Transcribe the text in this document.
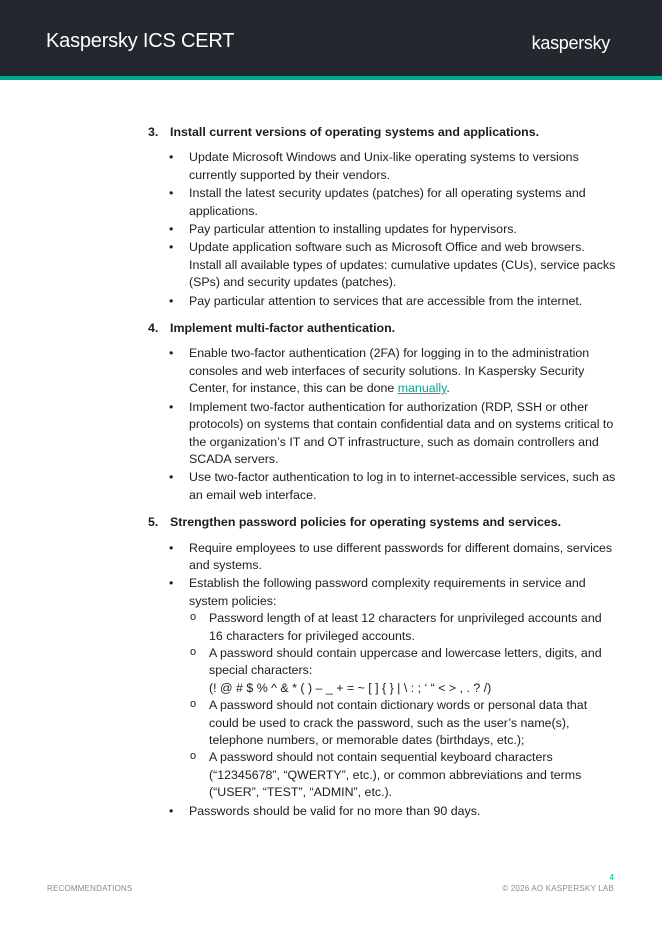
Kaspersky ICS CERT	kaspersky
3. Install current versions of operating systems and applications.
• Update Microsoft Windows and Unix-like operating systems to versions currently supported by their vendors.
• Install the latest security updates (patches) for all operating systems and applications.
• Pay particular attention to installing updates for hypervisors.
• Update application software such as Microsoft Office and web browsers. Install all available types of updates: cumulative updates (CUs), service packs (SPs) and security updates (patches).
• Pay particular attention to services that are accessible from the internet.
4. Implement multi-factor authentication.
• Enable two-factor authentication (2FA) for logging in to the administration consoles and web interfaces of security solutions. In Kaspersky Security Center, for instance, this can be done manually.
• Implement two-factor authentication for authorization (RDP, SSH or other protocols) on systems that contain confidential data and on systems critical to the organization’s IT and OT infrastructure, such as domain controllers and SCADA servers.
• Use two-factor authentication to log in to internet-accessible services, such as an email web interface.
5. Strengthen password policies for operating systems and services.
• Require employees to use different passwords for different domains, services and systems.
• Establish the following password complexity requirements in service and system policies:
o Password length of at least 12 characters for unprivileged accounts and 16 characters for privileged accounts.
o A password should contain uppercase and lowercase letters, digits, and special characters:
(! @ # $ % ^ & * ( ) – _ + = ~ [ ] { } | \ : ; ‘ “ < > , . ? /)
o A password should not contain dictionary words or personal data that could be used to crack the password, such as the user’s name(s), telephone numbers, or memorable dates (birthdays, etc.);
o A password should not contain sequential keyboard characters (“12345678”, “QWERTY”, etc.), or common abbreviations and terms (“USER”, “TEST”, “ADMIN”, etc.).
• Passwords should be valid for no more than 90 days.
4
RECOMMENDATIONS	© 2026 AO KASPERSKY LAB
